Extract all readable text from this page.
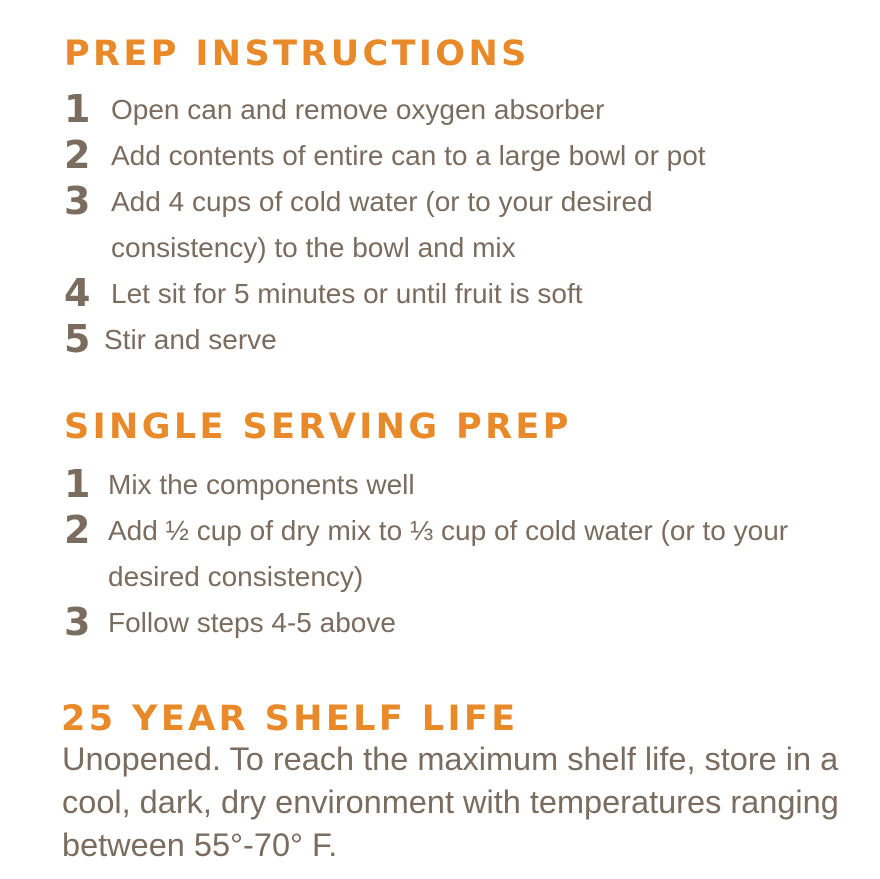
PREP INSTRUCTIONS
1 Open can and remove oxygen absorber
2 Add contents of entire can to a large bowl or pot
3 Add 4 cups of cold water (or to your desired consistency) to the bowl and mix
4 Let sit for 5 minutes or until fruit is soft
5 Stir and serve
SINGLE SERVING PREP
1 Mix the components well
2 Add ½ cup of dry mix to ⅓ cup of cold water (or to your desired consistency)
3 Follow steps 4-5 above
25 YEAR SHELF LIFE

Unopened. To reach the maximum shelf life, store in a cool, dark, dry environment with temperatures ranging between 55°-70° F.
